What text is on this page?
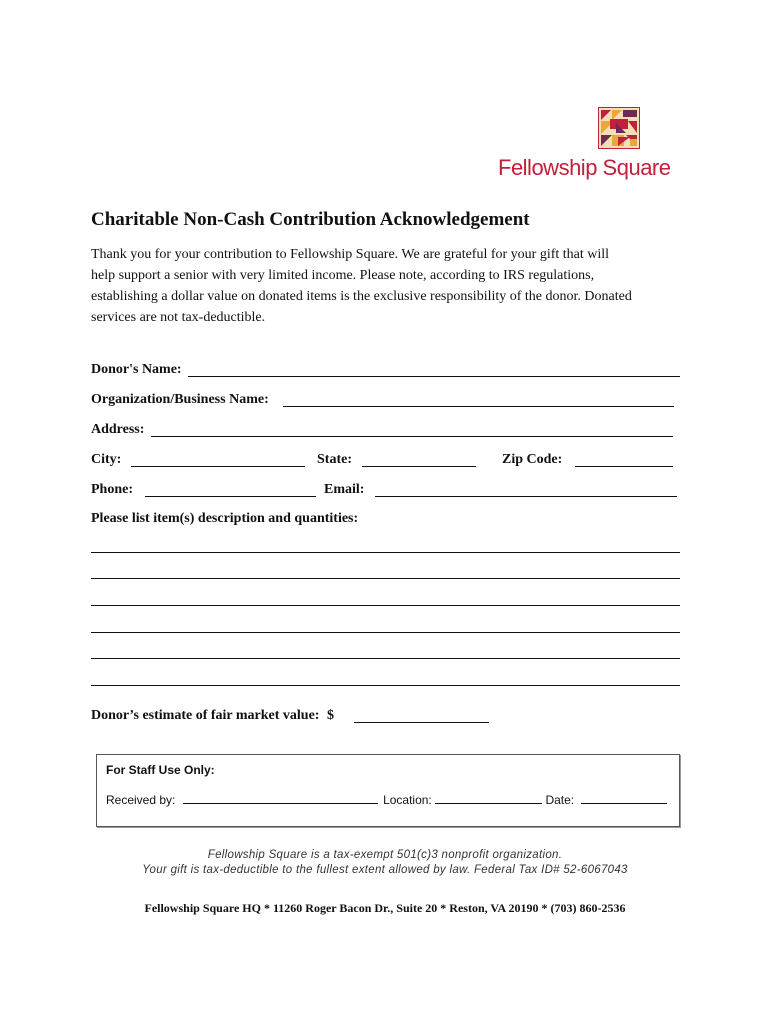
Fellowship Square
Charitable Non-Cash Contribution Acknowledgement
Thank you for your contribution to Fellowship Square. We are grateful for your gift that will
help support a senior with very limited income. Please note, according to IRS regulations,
establishing a dollar value on donated items is the exclusive responsibility of the donor. Donated
services are not tax-deductible.
Donor's Name:
Organization/Business Name:
Address:
City:	State:	Zip Code:
Phone:	Email:
Please list item(s) description and quantities:
Donor’s estimate of fair market value: $
For Staff Use Only:
Received by:	Location:	Date:
Fellowship Square is a tax-exempt 501(c)3 nonprofit organization.
Your gift is tax-deductible to the fullest extent allowed by law. Federal Tax ID# 52-6067043
Fellowship Square HQ * 11260 Roger Bacon Dr., Suite 20 * Reston, VA 20190 * (703) 860-2536
